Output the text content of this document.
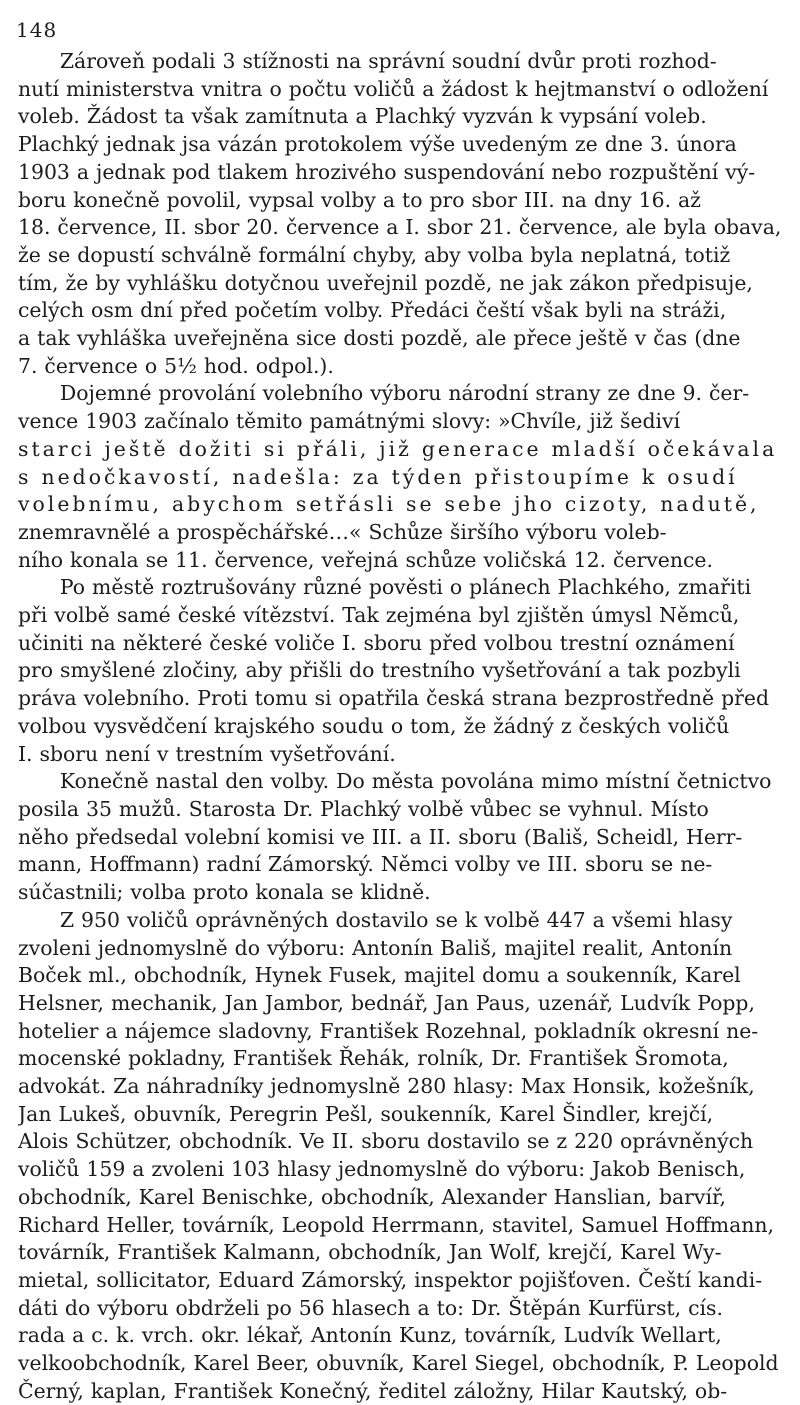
148
Zároveň podali 3 stížnosti na správní soudní dvůr proti rozhod-
nutí ministerstva vnitra o počtu voličů a žádost k hejtmanství o odložení
voleb. Žádost ta však zamítnuta a Plachký vyzván k vypsání voleb.
Plachký jednak jsa vázán protokolem výše uvedeným ze dne 3. února
1903 a jednak pod tlakem hrozivého suspendování nebo rozpuštění vý-
boru konečně povolil, vypsal volby a to pro sbor III. na dny 16. až
18. července, II. sbor 20. července a I. sbor 21. července, ale byla obava,
že se dopustí schválně formální chyby, aby volba byla neplatná, totiž
tím, že by vyhlášku dotyčnou uveřejnil pozdě, ne jak zákon předpisuje,
celých osm dní před početím volby. Předáci čeští však byli na stráži,
a tak vyhláška uveřejněna sice dosti pozdě, ale přece ještě v čas (dne
7. července o 5½ hod. odpol.).
Dojemné provolání volebního výboru národní strany ze dne 9. čer-
vence 1903 začínalo těmito památnými slovy: »Chvíle, již šediví
starci ještě dožiti si přáli, již generace mladší očekávala
s nedočkavostí, nadešla: za týden přistoupíme k osudí
volebnímu, abychom setřásli se sebe jho cizoty, nadutě,
znemravnělé a prospěchářské…« Schůze širšího výboru voleb-
ního konala se 11. července, veřejná schůze voličská 12. července.
Po městě roztrušovány různé pověsti o plánech Plachkého, zmařiti
při volbě samé české vítězství. Tak zejména byl zjištěn úmysl Němců,
učiniti na některé české voliče I. sboru před volbou trestní oznámení
pro smyšlené zločiny, aby přišli do trestního vyšetřování a tak pozbyli
práva volebního. Proti tomu si opatřila česká strana bezprostředně před
volbou vysvědčení krajského soudu o tom, že žádný z českých voličů
I. sboru není v trestním vyšetřování.
Konečně nastal den volby. Do města povolána mimo místní četnictvo
posila 35 mužů. Starosta Dr. Plachký volbě vůbec se vyhnul. Místo
něho předsedal volební komisi ve III. a II. sboru (Bališ, Scheidl, Herr-
mann, Hoffmann) radní Zámorský. Němci volby ve III. sboru se ne-
súčastnili; volba proto konala se klidně.
Z 950 voličů oprávněných dostavilo se k volbě 447 a všemi hlasy
zvoleni jednomyslně do výboru: Antonín Bališ, majitel realit, Antonín
Boček ml., obchodník, Hynek Fusek, majitel domu a soukenník, Karel
Helsner, mechanik, Jan Jambor, bednář, Jan Paus, uzenář, Ludvík Popp,
hotelier a nájemce sladovny, František Rozehnal, pokladník okresní ne-
mocenské pokladny, František Řehák, rolník, Dr. František Šromota,
advokát. Za náhradníky jednomyslně 280 hlasy: Max Honsik, kožešník,
Jan Lukeš, obuvník, Peregrin Pešl, soukenník, Karel Šindler, krejčí,
Alois Schützer, obchodník. Ve II. sboru dostavilo se z 220 oprávněných
voličů 159 a zvoleni 103 hlasy jednomyslně do výboru: Jakob Benisch,
obchodník, Karel Benischke, obchodník, Alexander Hanslian, barvíř,
Richard Heller, továrník, Leopold Herrmann, stavitel, Samuel Hoffmann,
továrník, František Kalmann, obchodník, Jan Wolf, krejčí, Karel Wy-
mietal, sollicitator, Eduard Zámorský, inspektor pojišťoven. Čeští kandi-
dáti do výboru obdrželi po 56 hlasech a to: Dr. Štěpán Kurfürst, cís.
rada a c. k. vrch. okr. lékař, Antonín Kunz, továrník, Ludvík Wellart,
velkoobchodník, Karel Beer, obuvník, Karel Siegel, obchodník, P. Leopold
Černý, kaplan, František Konečný, ředitel záložny, Hilar Kautský, ob-
